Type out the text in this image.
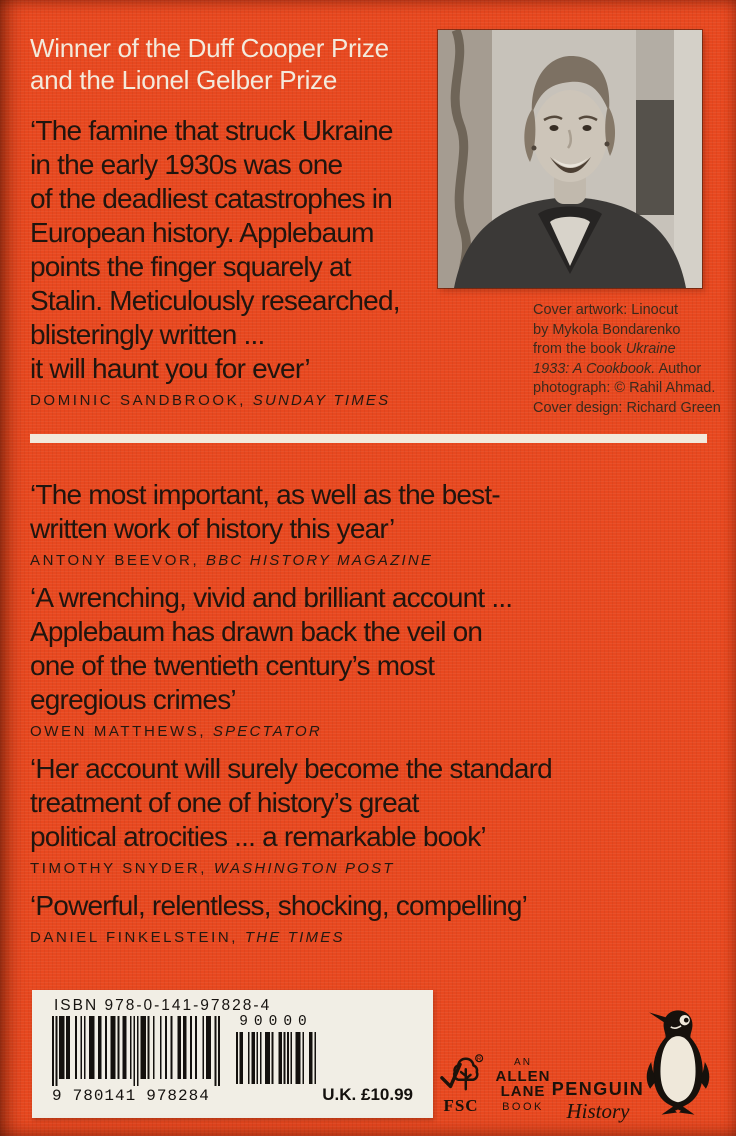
Winner of the Duff Cooper Prize
and the Lionel Gelber Prize
‘The famine that struck Ukraine
in the early 1930s was one
of the deadliest catastrophes in
European history. Applebaum
points the finger squarely at
Stalin. Meticulously researched,
blisteringly written ...
it will haunt you for ever’
DOMINIC SANDBROOK, SUNDAY TIMES
Cover artwork: Linocut
by Mykola Bondarenko
from the book Ukraine
1933: A Cookbook. Author
photograph: © Rahil Ahmad.
Cover design: Richard Green
‘The most important, as well as the best-
written work of history this year’
ANTONY BEEVOR, BBC HISTORY MAGAZINE
‘A wrenching, vivid and brilliant account ...
Applebaum has drawn back the veil on
one of the twentieth century’s most
egregious crimes’
OWEN MATTHEWS, SPECTATOR
‘Her account will surely become the standard
treatment of one of history’s great
political atrocities ... a remarkable book’
TIMOTHY SNYDER, WASHINGTON POST
‘Powerful, relentless, shocking, compelling’
DANIEL FINKELSTEIN, THE TIMES
ISBN 978-0-141-97828-4
9 780141 978284
90000
U.K. £10.99
R
FSC
AN
ALLEN
LANE
BOOK
PENGUIN
History
